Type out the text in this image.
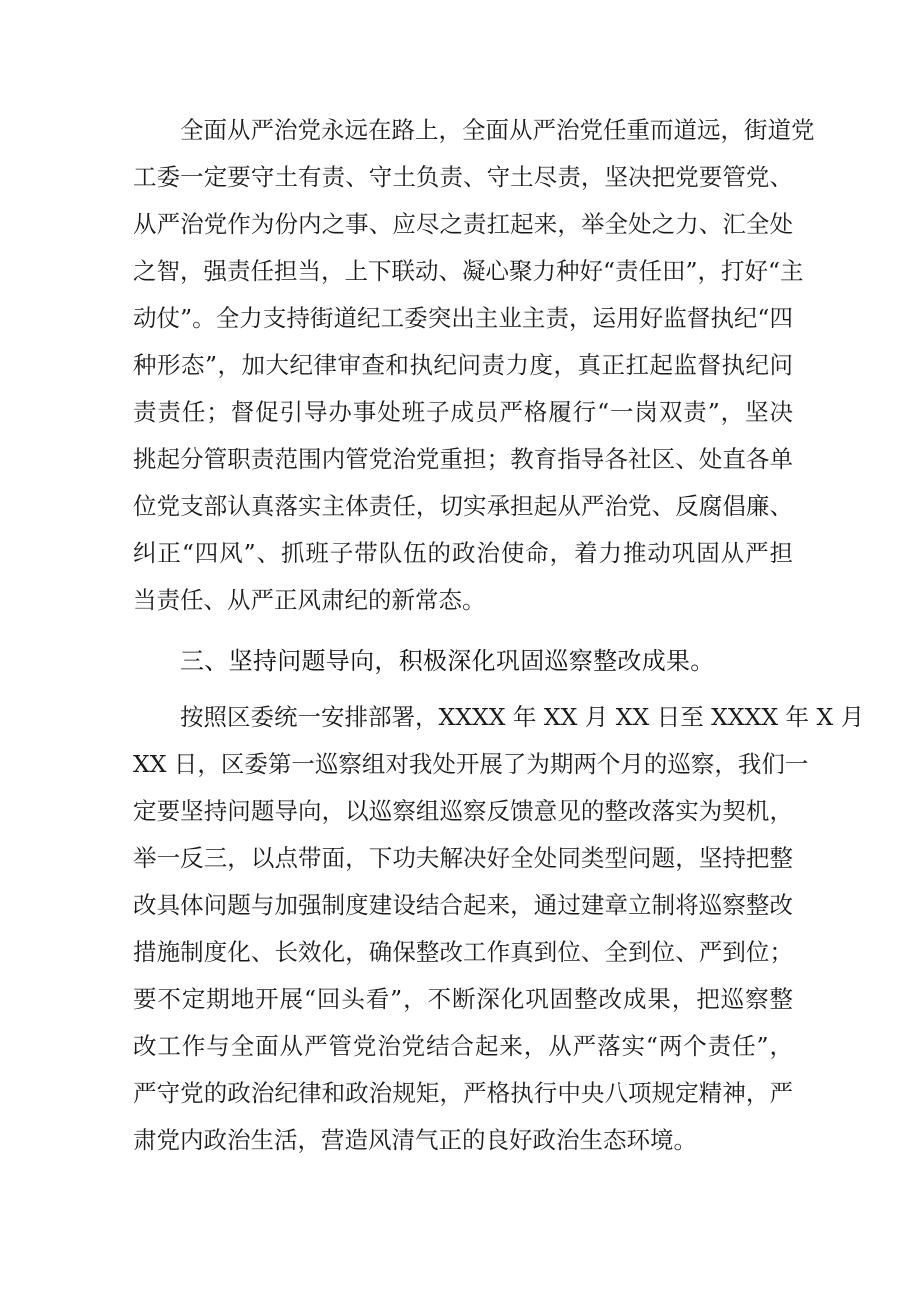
全面从严治党永远在路上，全面从严治党任重而道远，街道党
工委一定要守土有责、守土负责、守土尽责，坚决把党要管党、
从严治党作为份内之事、应尽之责扛起来，举全处之力、汇全处
之智，强责任担当，上下联动、凝心聚力种好“责任田”，打好“主
动仗”。全力支持街道纪工委突出主业主责，运用好监督执纪“四
种形态”，加大纪律审查和执纪问责力度，真正扛起监督执纪问
责责任；督促引导办事处班子成员严格履行“一岗双责”，坚决
挑起分管职责范围内管党治党重担；教育指导各社区、处直各单
位党支部认真落实主体责任，切实承担起从严治党、反腐倡廉、
纠正“四风”、抓班子带队伍的政治使命，着力推动巩固从严担
当责任、从严正风肃纪的新常态。
三、坚持问题导向，积极深化巩固巡察整改成果。
按照区委统一安排部署，XXXX 年 XX 月 XX 日至 XXXX 年 X 月
XX 日，区委第一巡察组对我处开展了为期两个月的巡察，我们一
定要坚持问题导向，以巡察组巡察反馈意见的整改落实为契机，
举一反三，以点带面，下功夫解决好全处同类型问题，坚持把整
改具体问题与加强制度建设结合起来，通过建章立制将巡察整改
措施制度化、长效化，确保整改工作真到位、全到位、严到位；
要不定期地开展“回头看”，不断深化巩固整改成果，把巡察整
改工作与全面从严管党治党结合起来，从严落实“两个责任”，
严守党的政治纪律和政治规矩，严格执行中央八项规定精神，严
肃党内政治生活，营造风清气正的良好政治生态环境。
